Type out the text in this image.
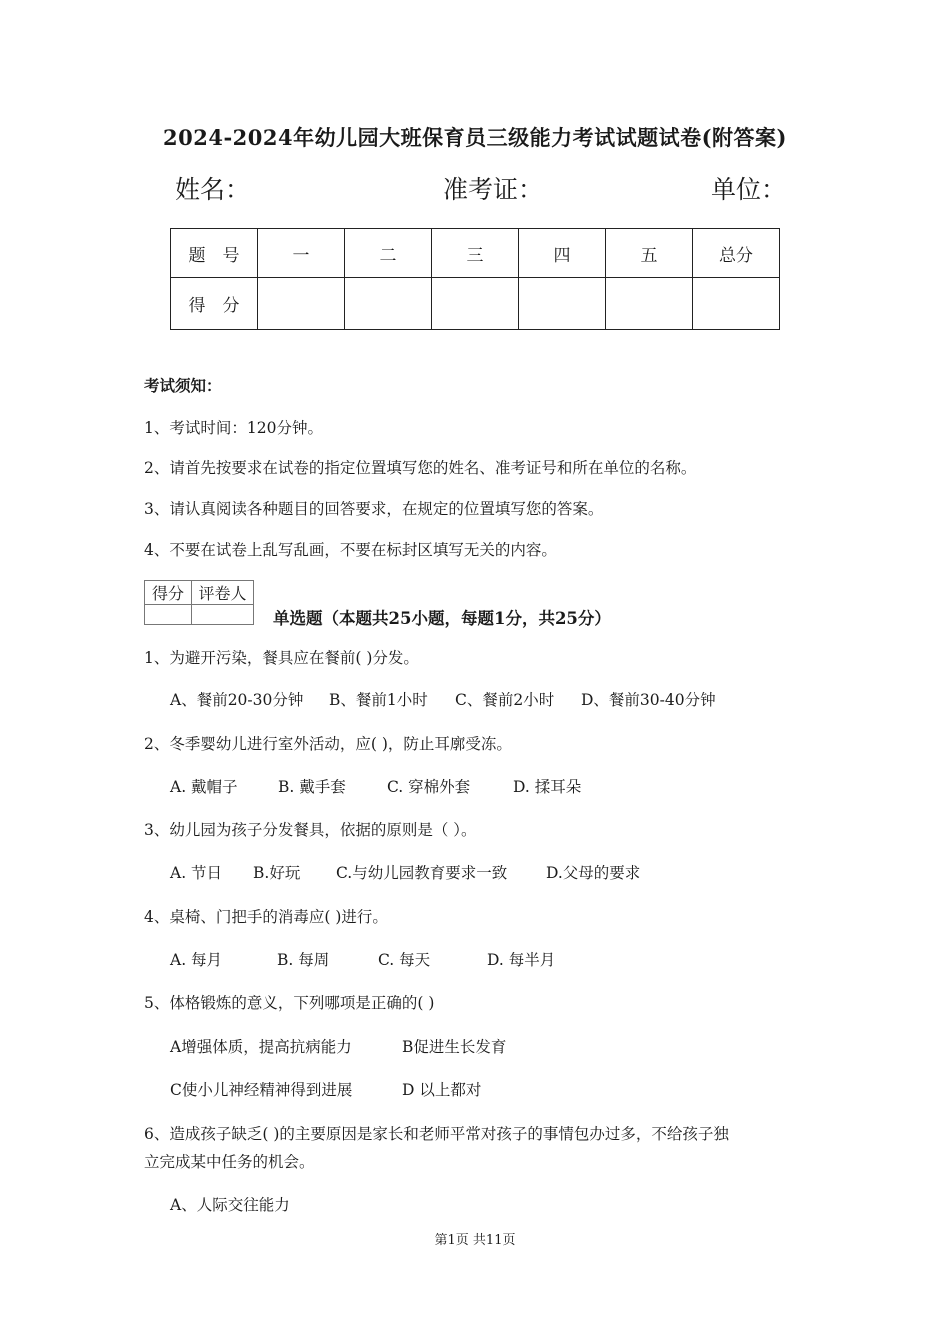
2024-2024年幼儿园大班保育员三级能力考试试题试卷(附答案)
姓名：	准考证：	单位：
题　号	一	二	三	四	五	总分
得　分						
考试须知：
1、考试时间：120分钟。
2、请首先按要求在试卷的指定位置填写您的姓名、准考证号和所在单位的名称。
3、请认真阅读各种题目的回答要求，在规定的位置填写您的答案。
4、不要在试卷上乱写乱画，不要在标封区填写无关的内容。
得分	评卷人

单选题（本题共25小题，每题1分，共25分）
1、为避开污染，餐具应在餐前( )分发。
A、餐前20-30分钟 B、餐前1小时 C、餐前2小时 D、餐前30-40分钟
2、冬季婴幼儿进行室外活动，应( )，防止耳廓受冻。
A. 戴帽子	B. 戴手套	C. 穿棉外套	D. 揉耳朵
3、幼儿园为孩子分发餐具，依据的原则是（ ）。
A. 节日 B.好玩 C.与幼儿园教育要求一致	D.父母的要求
4、桌椅、门把手的消毒应( )进行。
A. 每月	B. 每周	C. 每天	D. 每半月
5、体格锻炼的意义，下列哪项是正确的( )
A增强体质，提高抗病能力	B促进生长发育
C使小儿神经精神得到进展	D 以上都对
6、造成孩子缺乏( )的主要原因是家长和老师平常对孩子的事情包办过多，不给孩子独
立完成某中任务的机会。
A、人际交往能力
第1页 共11页
